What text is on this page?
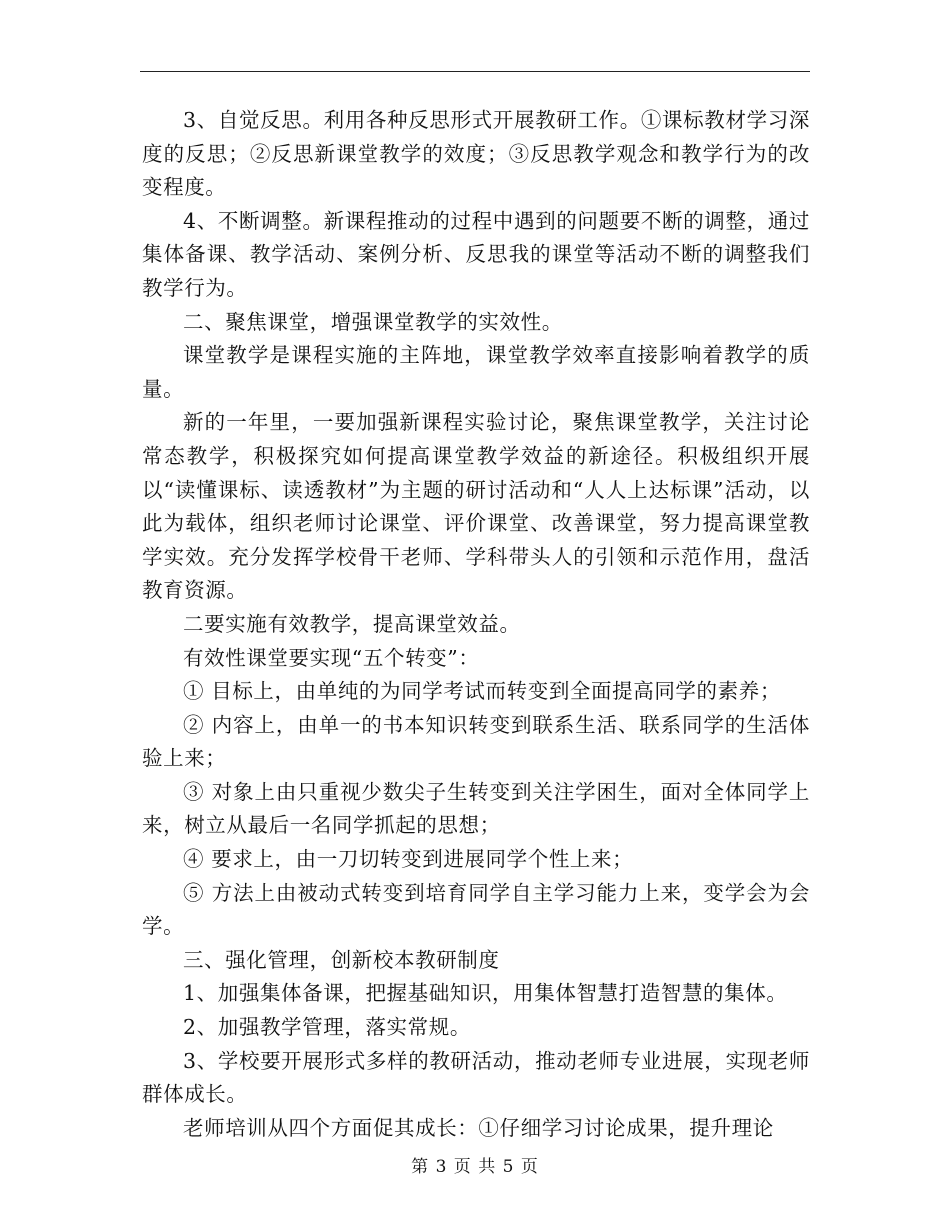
3、自觉反思。利用各种反思形式开展教研工作。①课标教材学习深度的反思；②反思新课堂教学的效度；③反思教学观念和教学行为的改变程度。

4、不断调整。新课程推动的过程中遇到的问题要不断的调整，通过集体备课、教学活动、案例分析、反思我的课堂等活动不断的调整我们教学行为。

二、聚焦课堂，增强课堂教学的实效性。

课堂教学是课程实施的主阵地，课堂教学效率直接影响着教学的质量。

新的一年里，一要加强新课程实验讨论，聚焦课堂教学，关注讨论常态教学，积极探究如何提高课堂教学效益的新途径。积极组织开展以“读懂课标、读透教材”为主题的研讨活动和“人人上达标课”活动，以此为载体，组织老师讨论课堂、评价课堂、改善课堂，努力提高课堂教学实效。充分发挥学校骨干老师、学科带头人的引领和示范作用，盘活教育资源。

二要实施有效教学，提高课堂效益。

有效性课堂要实现“五个转变”：

① 目标上，由单纯的为同学考试而转变到全面提高同学的素养；

② 内容上，由单一的书本知识转变到联系生活、联系同学的生活体验上来；

③ 对象上由只重视少数尖子生转变到关注学困生，面对全体同学上来，树立从最后一名同学抓起的思想；

④ 要求上，由一刀切转变到进展同学个性上来；

⑤ 方法上由被动式转变到培育同学自主学习能力上来，变学会为会学。

三、强化管理，创新校本教研制度

1、加强集体备课，把握基础知识，用集体智慧打造智慧的集体。

2、加强教学管理，落实常规。

3、学校要开展形式多样的教研活动，推动老师专业进展，实现老师群体成长。

老师培训从四个方面促其成长：①仔细学习讨论成果，提升理论

第 3 页 共 5 页
